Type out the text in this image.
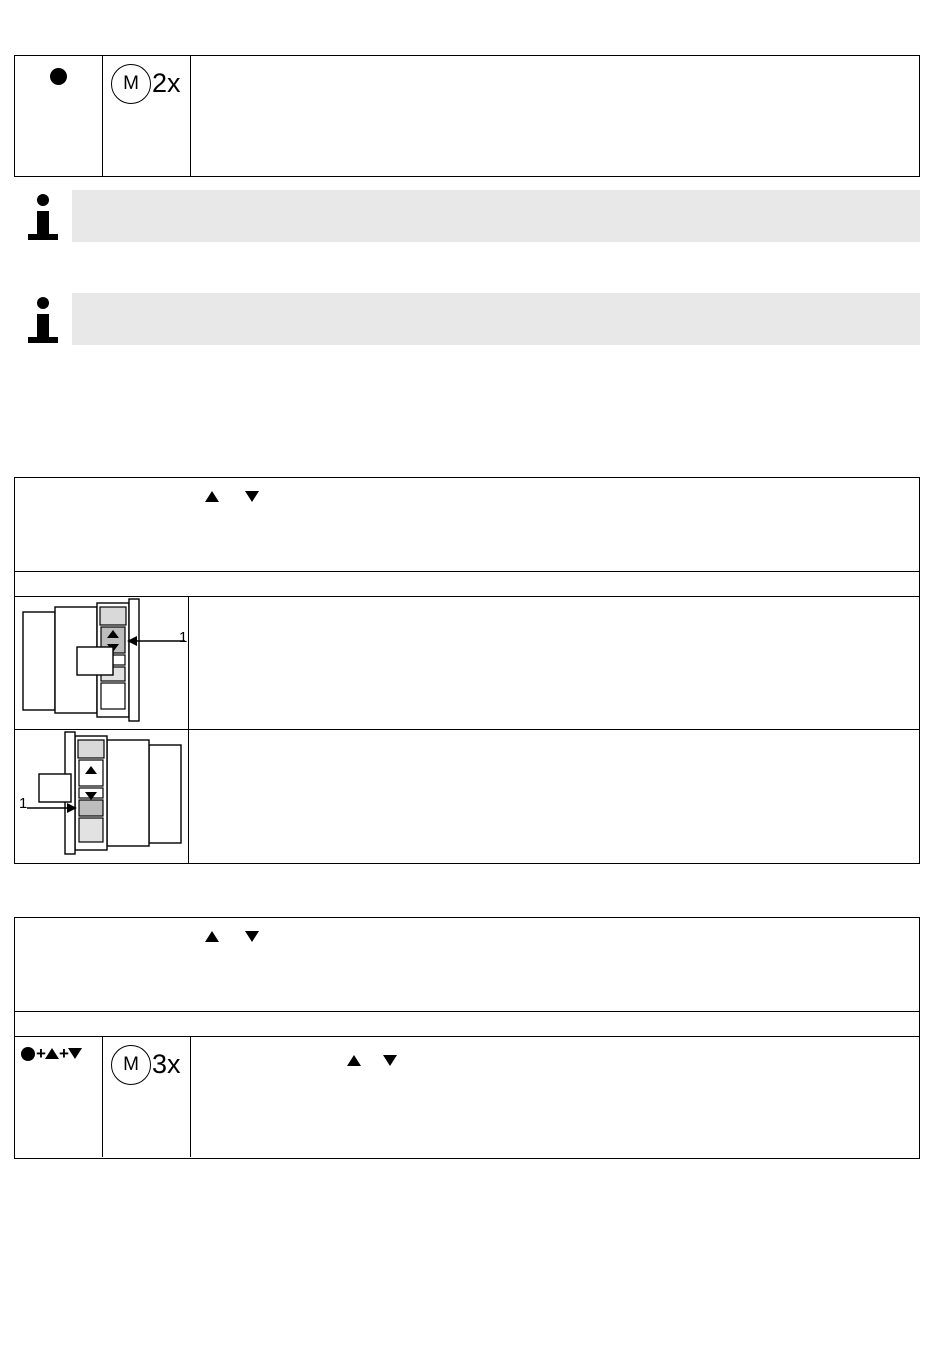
M 2x
1
1
+ +
M 3x
